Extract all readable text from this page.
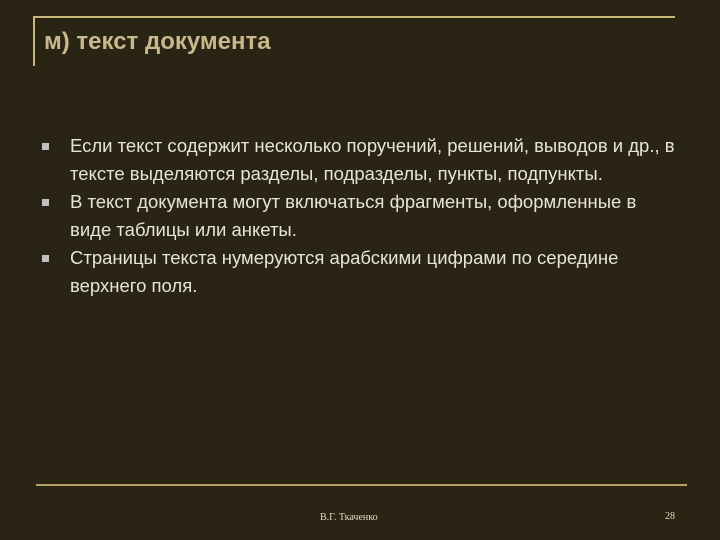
м) текст документа
Если текст содержит несколько поручений, решений, выводов и др., в тексте выделяются разделы, подразделы, пункты, подпункты.
В текст документа могут включаться фрагменты, оформленные в виде таблицы или анкеты.
Страницы текста нумеруются арабскими цифрами по середине верхнего поля.
В.Г. Ткаченко	28
